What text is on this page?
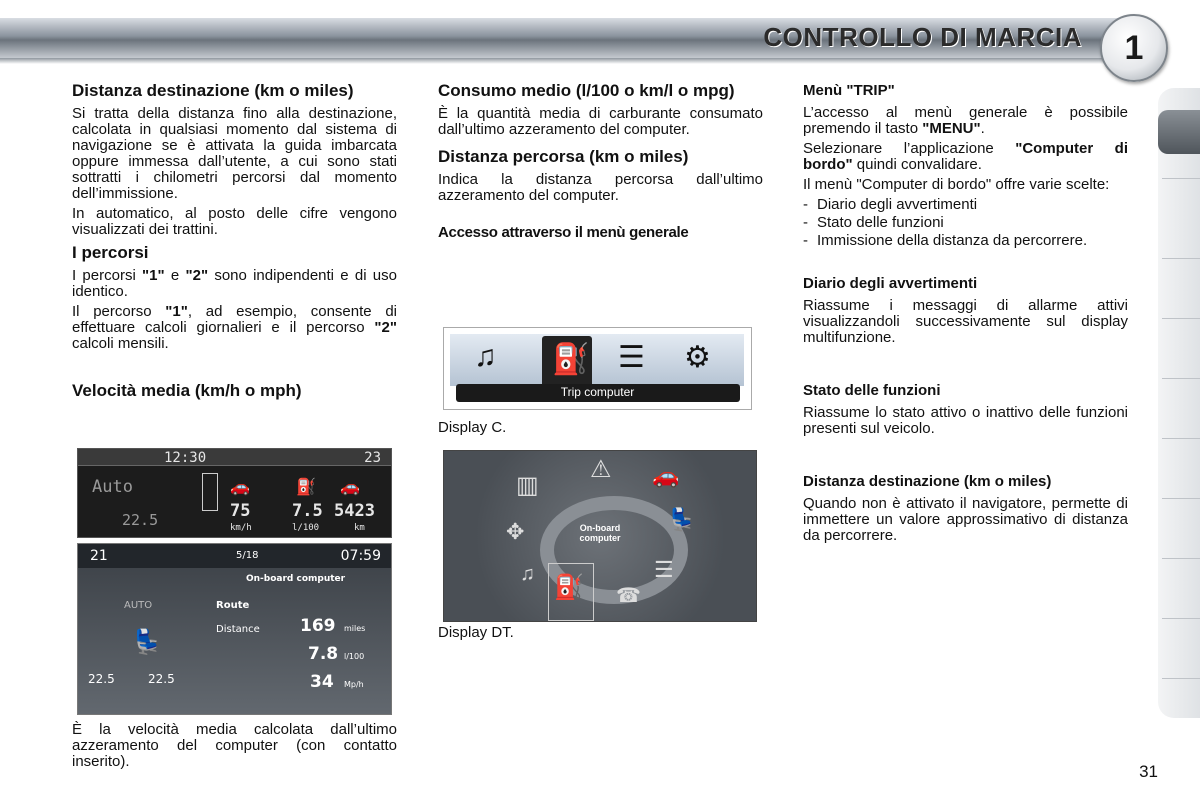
CONTROLLO DI MARCIA	1
Distanza destinazione (km o miles)

Si tratta della distanza fino alla destinazione, calcolata in qualsiasi momento dal sistema di navigazione se è attivata la guida imbarcata oppure immessa dall’utente, a cui sono stati sottratti i chilometri percorsi dal momento dell’immissione.

In automatico, al posto delle cifre vengono visualizzati dei trattini.

I percorsi

I percorsi "1" e "2" sono indipendenti e di uso identico.

Il percorso "1", ad esempio, consente di effettuare calcoli giornalieri e il percorso "2" calcoli mensili.

Velocità media (km/h o mph)

È la velocità media calcolata dall’ultimo azzeramento del computer (con contatto inserito).

12:30	23
Auto
22.5	75 7.5 5423
km/h	l/100	km
🚗	⛽ 🚗
21	5/18	07:59
On-board computer
AUTO	Route
Distance 169 miles
7.8 l/100
34 Mp/h
22.5	22.5
💺
Consumo medio (l/100 o km/l o mpg)

È la quantità media di carburante consumato dall’ultimo azzeramento del computer.

Distanza percorsa (km o miles)

Indica la distanza percorsa dall’ultimo azzeramento del computer.

Accesso attraverso il menù generale
♫ ⛽ ☰ ⚙
Trip computer
Display C.
On-board computer
⚠
▥	🚗
💺
✥
☰
☎
♫ ⛽
Display DT.
Menù "TRIP"

L’accesso al menù generale è possibile premendo il tasto "MENU".

Selezionare l’applicazione "Computer di bordo" quindi convalidare.

Il menù "Computer di bordo" offre varie scelte:

- Diario degli avvertimenti
- Stato delle funzioni
- Immissione della distanza da percorrere.
Diario degli avvertimenti

Riassume i messaggi di allarme attivi visualizzandoli successivamente sul display multifunzione.

Stato delle funzioni

Riassume lo stato attivo o inattivo delle funzioni presenti sul veicolo.

Distanza destinazione (km o miles)

Quando non è attivato il navigatore, permette di immettere un valore approssimativo di distanza da percorrere.

31
